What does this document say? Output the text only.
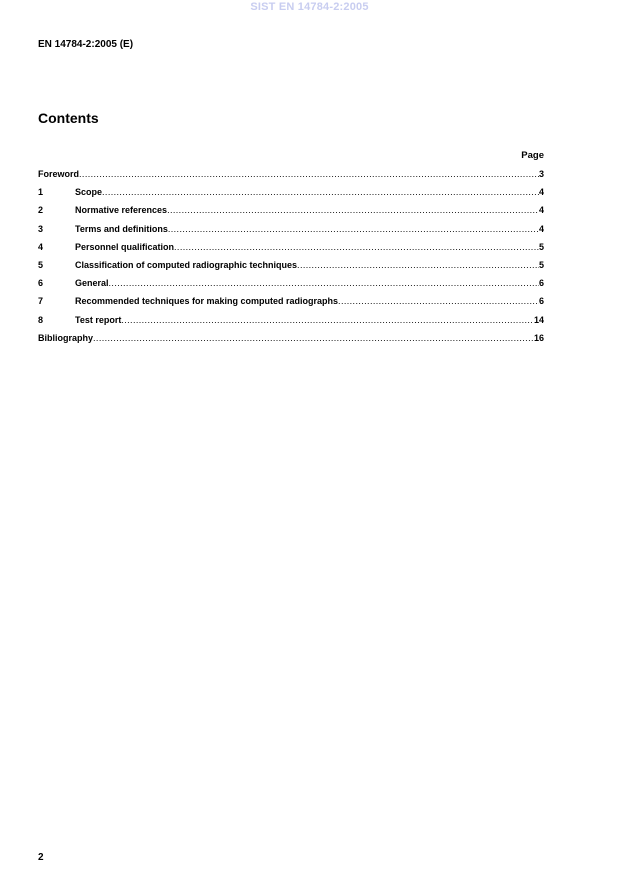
SIST EN 14784-2:2005
EN 14784-2:2005 (E)
Contents
Page
Foreword .....	3
1	Scope .....	4
2	Normative references .....	4
3	Terms and definitions .....	4
4	Personnel qualification .....	5
5	Classification of computed radiographic techniques .....	5
6	General .....	6
7	Recommended techniques for making computed radiographs .....	6
8	Test report .....	14
Bibliography .....	16
2
